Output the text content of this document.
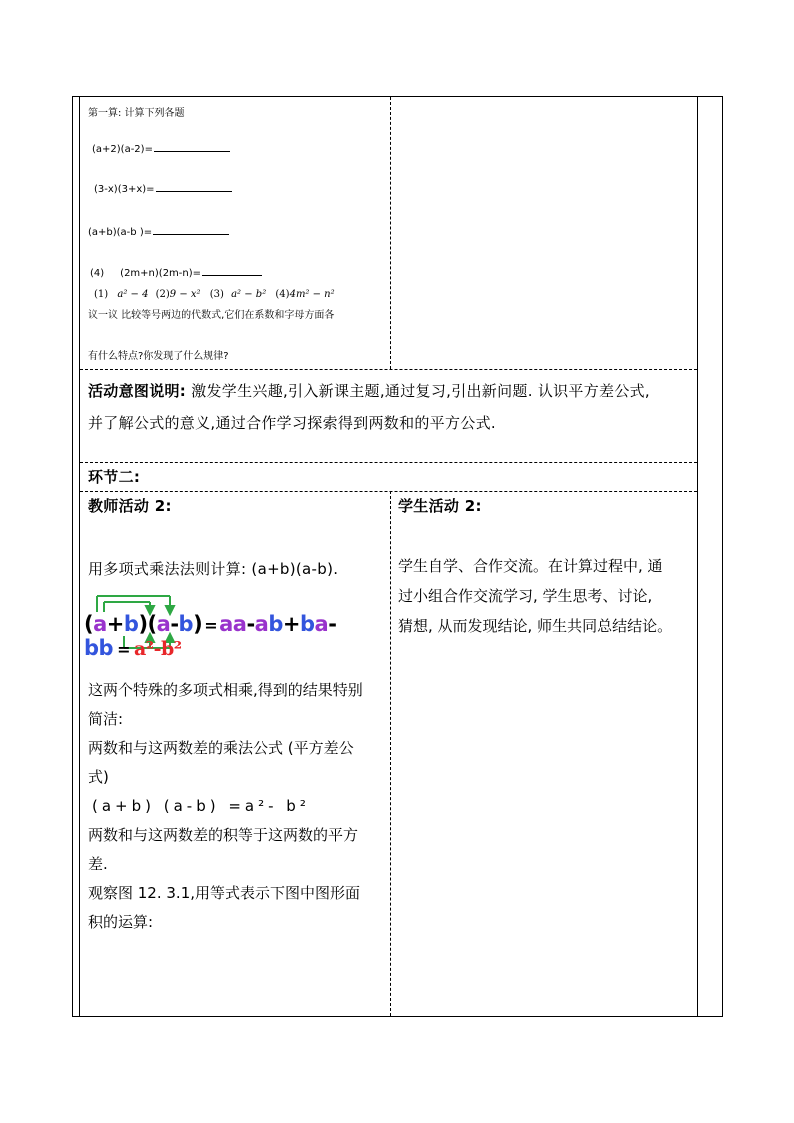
第一算: 计算下列各题
(a+2)(a-2)=
(3-x)(3+x)=
(a+b)(a-b )=
(4) (2m+n)(2m-n)=
(1) a² − 4 (2)9 − x² (3) a² − b² (4)4m² − n²
议一议 比较等号两边的代数式,它们在系数和字母方面各
有什么特点?你发现了什么规律?
活动意图说明: 激发学生兴趣,引入新课主题,通过复习,引出新问题. 认识平方差公式,
并了解公式的意义,通过合作学习探索得到两数和的平方公式.
环节二:
教师活动 2:
用多项式乘法法则计算: (a+b)(a-b).
(a+b)(a-b) =aa-ab+ba-bb = a²-b²
这两个特殊的多项式相乘,得到的结果特别
简洁:
两数和与这两数差的乘法公式 (平方差公
式)
(a+b) (a-b) =a²- b²
两数和与这两数差的积等于这两数的平方
差.
观察图 12. 3.1,用等式表示下图中图形面
积的运算:
学生活动 2:
学生自学、合作交流。在计算过程中, 通
过小组合作交流学习, 学生思考、讨论,
猜想, 从而发现结论, 师生共同总结结论。
